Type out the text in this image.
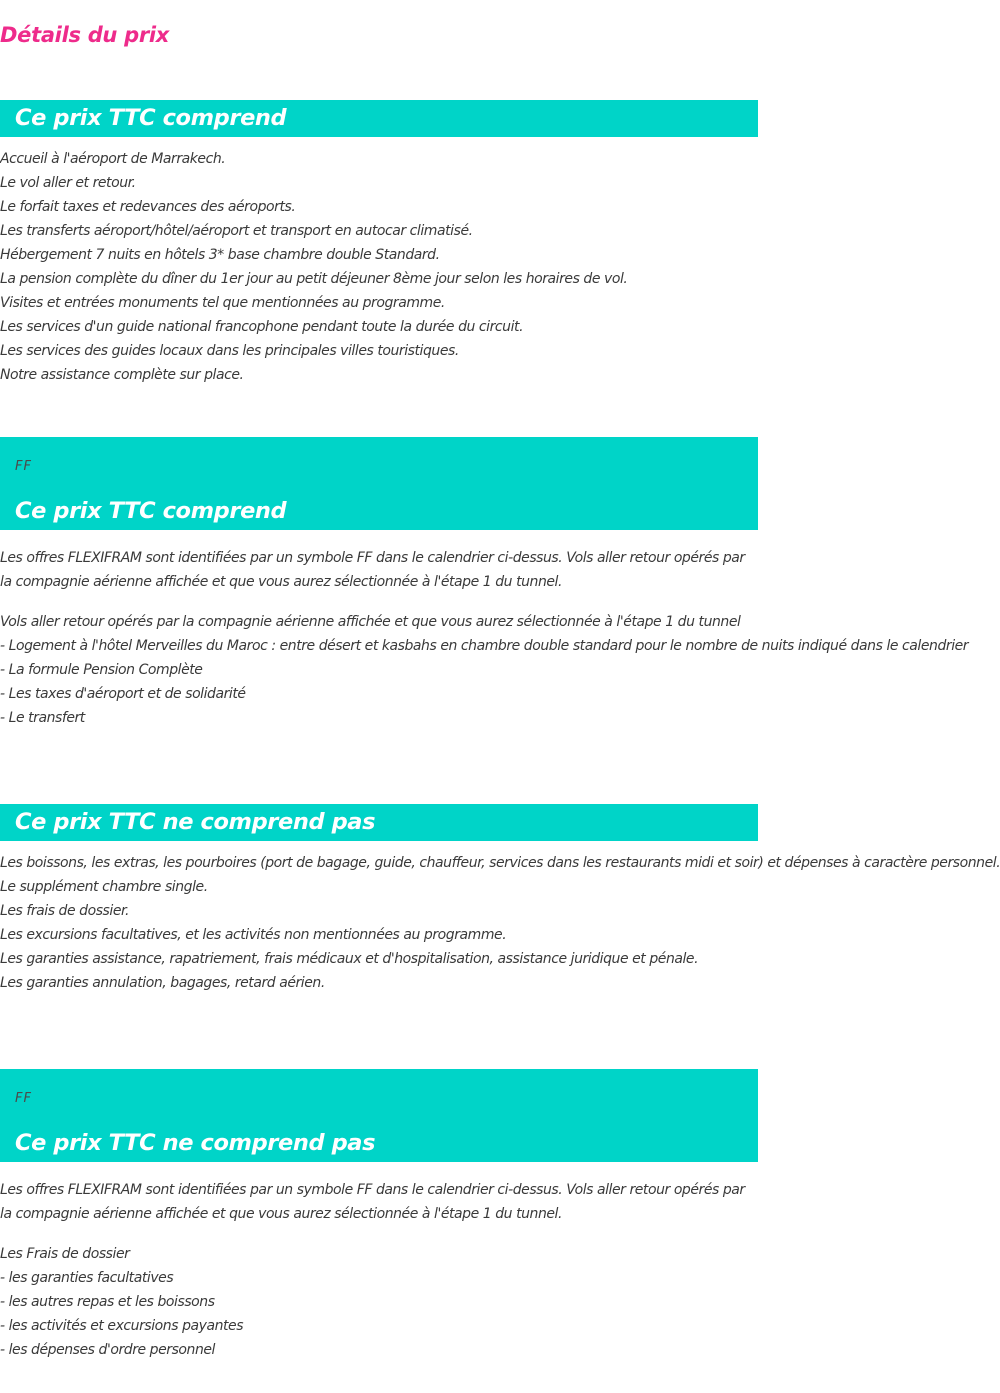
Détails du prix
Ce prix TTC comprend
Accueil à l'aéroport de Marrakech.
Le vol aller et retour.
Le forfait taxes et redevances des aéroports.
Les transferts aéroport/hôtel/aéroport et transport en autocar climatisé.
Hébergement 7 nuits en hôtels 3* base chambre double Standard.
La pension complète du dîner du 1er jour au petit déjeuner 8ème jour selon les horaires de vol.
Visites et entrées monuments tel que mentionnées au programme.
Les services d'un guide national francophone pendant toute la durée du circuit.
Les services des guides locaux dans les principales villes touristiques.
Notre assistance complète sur place.
FF
Ce prix TTC comprend

Les offres FLEXIFRAM sont identifiées par un symbole FF dans le calendrier ci-dessus. Vols aller retour opérés par la compagnie aérienne affichée et que vous aurez sélectionnée à l'étape 1 du tunnel.

Vols aller retour opérés par la compagnie aérienne affichée et que vous aurez sélectionnée à l'étape 1 du tunnel
- Logement à l'hôtel Merveilles du Maroc : entre désert et kasbahs en chambre double standard pour le nombre de nuits indiqué dans le calendrier
- La formule Pension Complète
- Les taxes d'aéroport et de solidarité
- Le transfert
Ce prix TTC ne comprend pas
Les boissons, les extras, les pourboires (port de bagage, guide, chauffeur, services dans les restaurants midi et soir) et dépenses à caractère personnel.
Le supplément chambre single.
Les frais de dossier.
Les excursions facultatives, et les activités non mentionnées au programme.
Les garanties assistance, rapatriement, frais médicaux et d'hospitalisation, assistance juridique et pénale.
Les garanties annulation, bagages, retard aérien.
FF
Ce prix TTC ne comprend pas

Les offres FLEXIFRAM sont identifiées par un symbole FF dans le calendrier ci-dessus. Vols aller retour opérés par la compagnie aérienne affichée et que vous aurez sélectionnée à l'étape 1 du tunnel.

Les Frais de dossier
- les garanties facultatives
- les autres repas et les boissons
- les activités et excursions payantes
- les dépenses d'ordre personnel
